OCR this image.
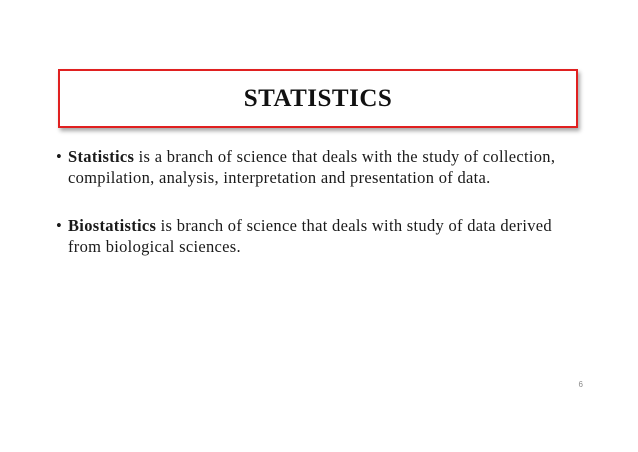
STATISTICS
• Statistics is a branch of science that deals with the study of collection, compilation, analysis, interpretation and presentation of data.
• Biostatistics is branch of science that deals with study of data derived from biological sciences.
6
